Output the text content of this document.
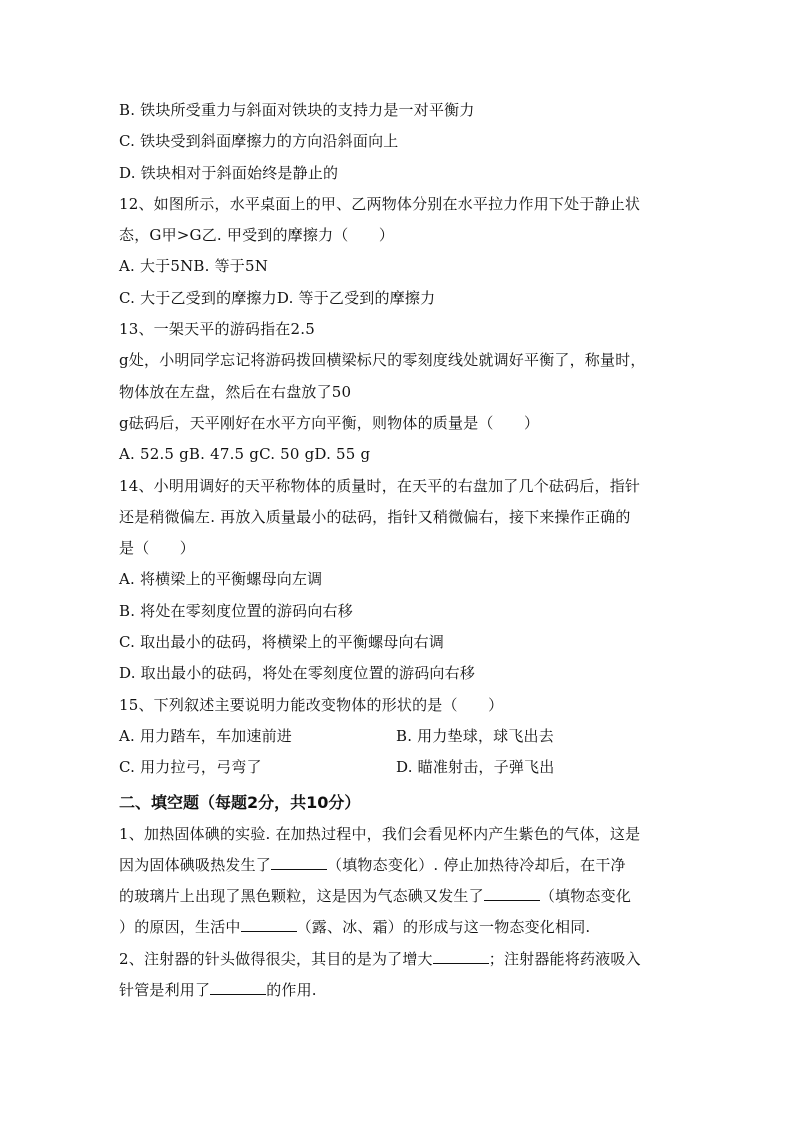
B. 铁块所受重力与斜面对铁块的支持力是一对平衡力
C. 铁块受到斜面摩擦力的方向沿斜面向上
D. 铁块相对于斜面始终是静止的
12、如图所示，水平桌面上的甲、乙两物体分别在水平拉力作用下处于静止状
态，G甲>G乙. 甲受到的摩擦力（　　）
A. 大于5NB. 等于5N
C. 大于乙受到的摩擦力D. 等于乙受到的摩擦力
13、一架天平的游码指在2.5
g处，小明同学忘记将游码拨回横梁标尺的零刻度线处就调好平衡了，称量时，
物体放在左盘，然后在右盘放了50
g砝码后，天平刚好在水平方向平衡，则物体的质量是（　　）
A. 52.5 gB. 47.5 gC. 50 gD. 55 g
14、小明用调好的天平称物体的质量时，在天平的右盘加了几个砝码后，指针
还是稍微偏左. 再放入质量最小的砝码，指针又稍微偏右，接下来操作正确的
是（　　）
A. 将横梁上的平衡螺母向左调
B. 将处在零刻度位置的游码向右移
C. 取出最小的砝码，将横梁上的平衡螺母向右调
D. 取出最小的砝码，将处在零刻度位置的游码向右移
15、下列叙述主要说明力能改变物体的形状的是（　　）
A. 用力踏车，车加速前进	B. 用力垫球，球飞出去
C. 用力拉弓，弓弯了	D. 瞄准射击，子弹飞出
二、填空题（每题2分，共10分）
1、加热固体碘的实验. 在加热过程中，我们会看见杯内产生紫色的气体，这是
因为固体碘吸热发生了	（填物态变化）. 停止加热待冷却后，在干净
的玻璃片上出现了黑色颗粒，这是因为气态碘又发生了	（填物态变化
）的原因，生活中	（露、冰、霜）的形成与这一物态变化相同.
2、注射器的针头做得很尖，其目的是为了增大	；注射器能将药液吸入
针管是利用了	的作用.
